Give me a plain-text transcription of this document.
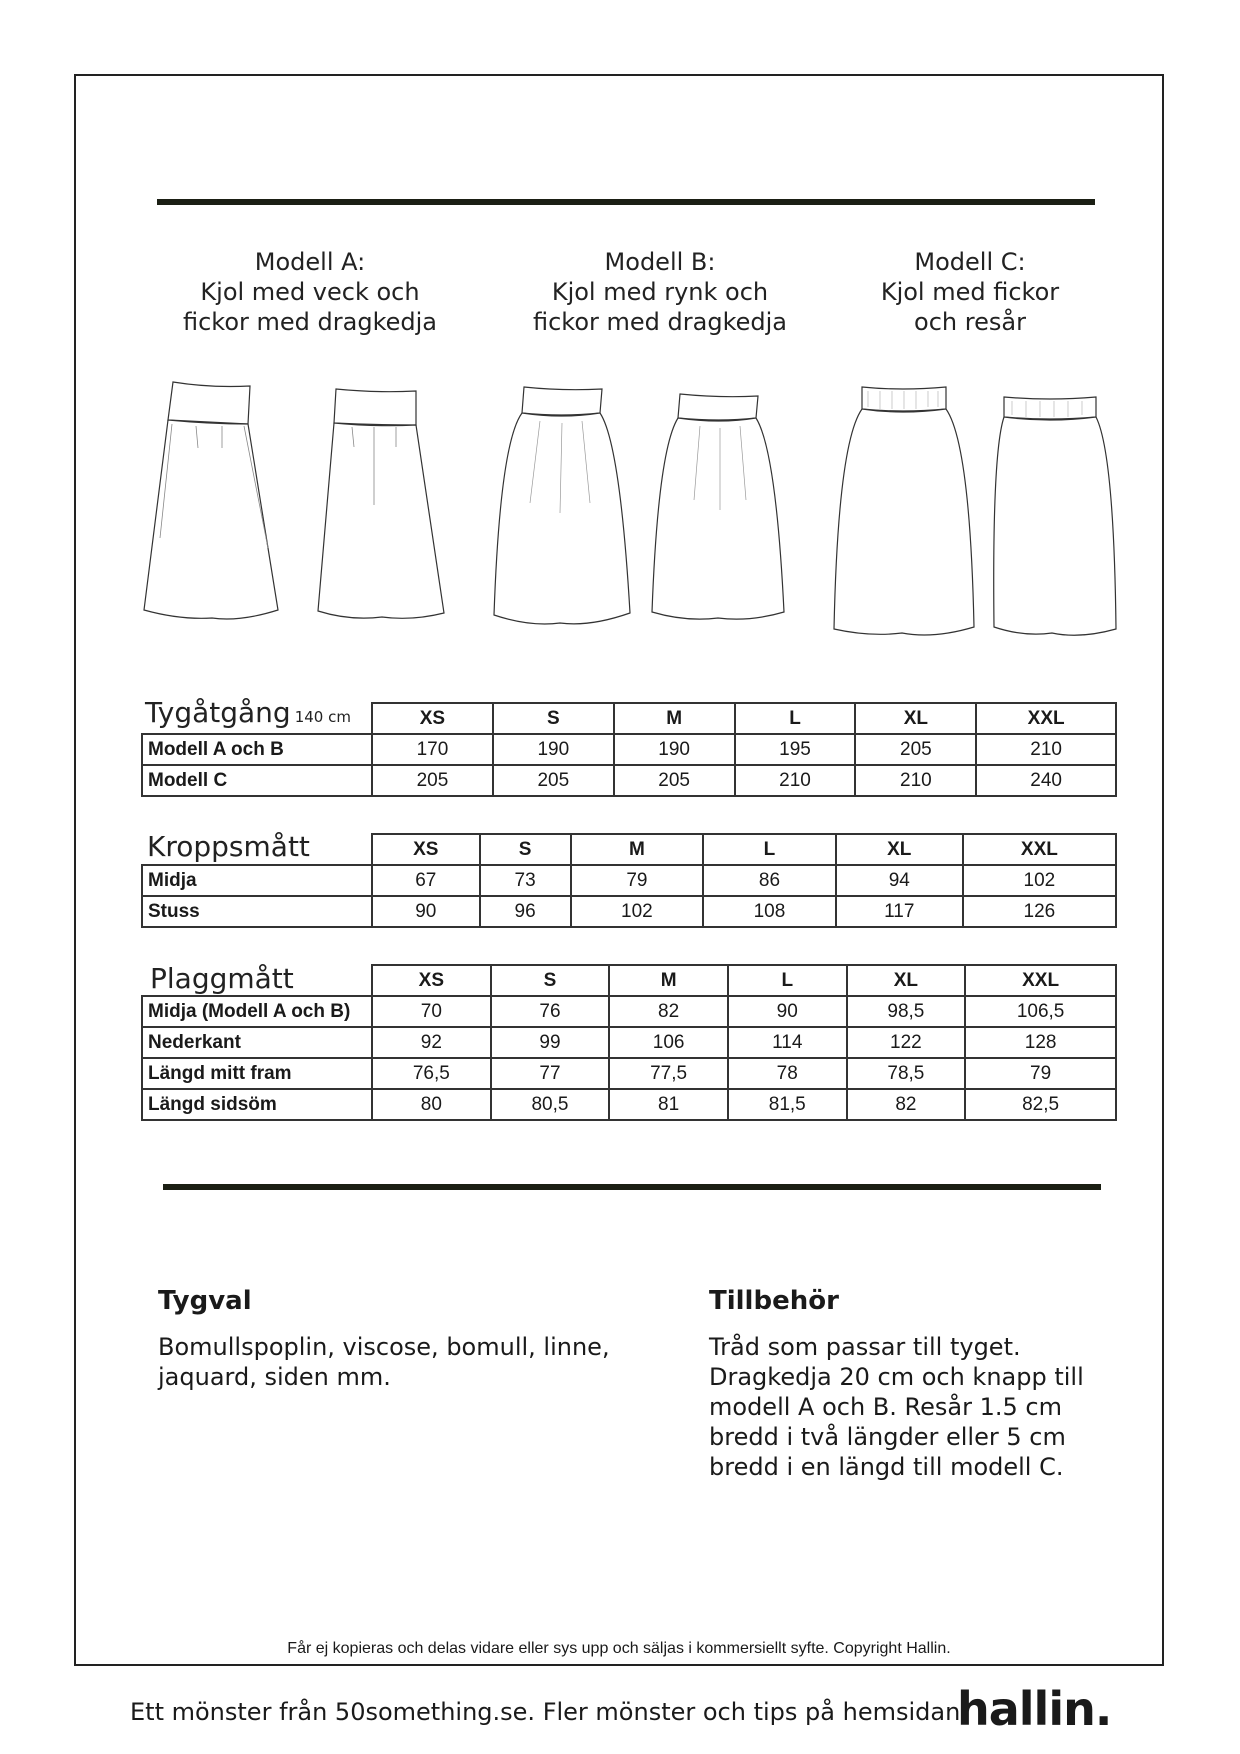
Modell A:
Kjol med veck och
fickor med dragkedja
Modell B:
Kjol med rynk och
fickor med dragkedja
Modell C:
Kjol med fickor
och resår
Tygåtgång 140 cm
		XS	S	M	L	XL	XXL
Modell A och B	170	190	190	195	205	210
Modell C	205	205	205	210	210	240
Kroppsmått
		XS	S	M	L	XL	XXL
Midja	67	73	79	86	94	102
Stuss	90	96	102	108	117	126
Plaggmått
		XS	S	M	L	XL	XXL
Midja (Modell A och B)	70	76	82	90	98,5	106,5
Nederkant	92	99	106	114	122	128
Längd mitt fram	76,5	77	77,5	78	78,5	79
Längd sidsöm	80	80,5	81	81,5	82	82,5
Tygval
Bomullspoplin, viscose, bomull, linne,
jaquard, siden mm.
Tillbehör
Tråd som passar till tyget.
Dragkedja 20 cm och knapp till
modell A och B. Resår 1.5 cm
bredd i två längder eller 5 cm
bredd i en längd till modell C.
Får ej kopieras och delas vidare eller sys upp och säljas i kommersiellt syfte. Copyright Hallin.
Ett mönster från 50something.se. Fler mönster och tips på hemsidan.
hallin.
